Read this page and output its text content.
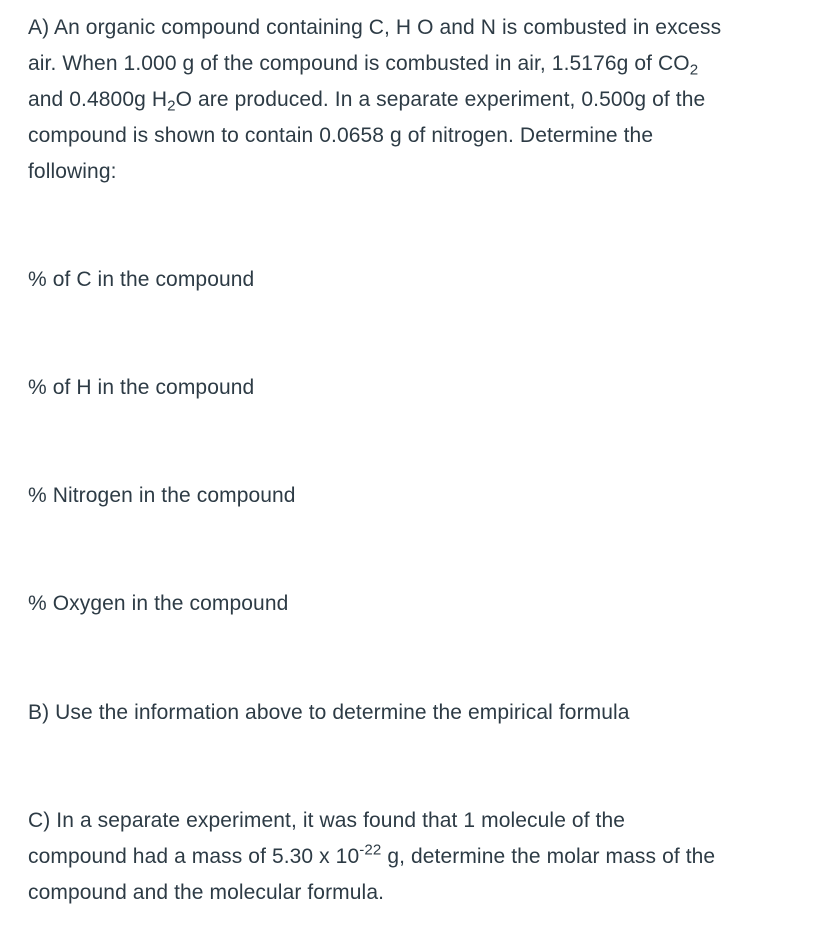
A) An organic compound containing C, H O and N is combusted in excess
air. When 1.000 g of the compound is combusted in air, 1.5176g of $CO_2$
and 0.4800g $H_2O$ are produced. In a separate experiment, 0.500g of the
compound is shown to contain 0.0658 g of nitrogen. Determine the
following:

% of C in the compound

% of H in the compound

% Nitrogen in the compound

% Oxygen in the compound

B) Use the information above to determine the empirical formula

C) In a separate experiment, it was found that 1 molecule of the
compound had a mass of 5.30 x $10^{-22}$ g, determine the molar mass of the
compound and the molecular formula.
